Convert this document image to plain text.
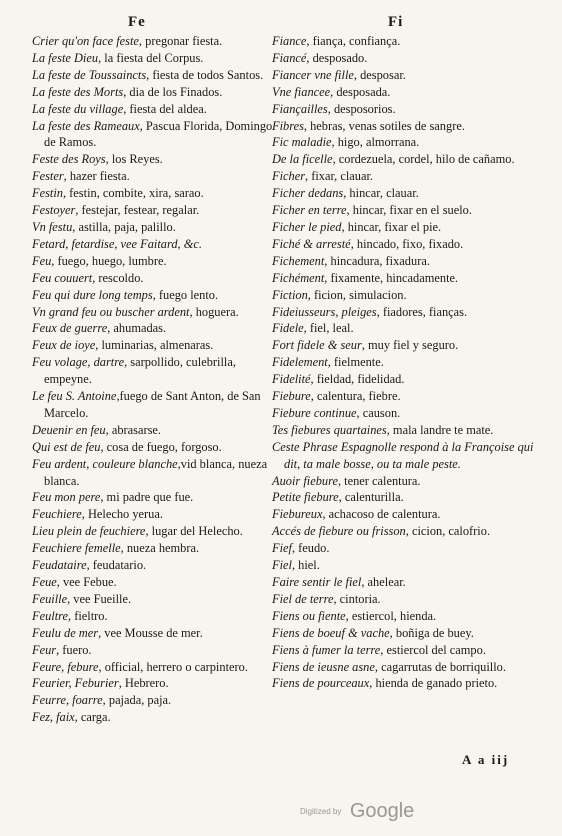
Fe	Fi

Crier qu'on face feste, pregonar fiesta.

La feste Dieu, la fiesta del Corpus.

La feste de Toussaincts, fiesta de todos Santos.

La feste des Morts, dia de los Finados.

La feste du village, fiesta del aldea.

La feste des Rameaux, Pascua Florida, Domingo de Ramos.

Feste des Roys, los Reyes.

Fester, hazer fiesta.

Festin, festin, combite, xira, sarao.

Festoyer, festejar, festear, regalar.

Vn festu, astilla, paja, palillo.

Fetard, fetardise, vee Faitard, &c.

Feu, fuego, huego, lumbre.

Feu couuert, rescoldo.

Feu qui dure long temps, fuego lento.

Vn grand feu ou buscher ardent, hoguera.

Feux de guerre, ahumadas.

Feux de ioye, luminarias, almenaras.

Feu volage, dartre, sarpollido, culebrilla, empeyne.

Le feu S. Antoine,fuego de Sant Anton, de San Marcelo.

Deuenir en feu, abrasarse.

Qui est de feu, cosa de fuego, forgoso.

Feu ardent, couleure blanche,vid blanca, nueza blanca.

Feu mon pere, mi padre que fue.

Feuchiere, Helecho yerua.

Lieu plein de feuchiere, lugar del Helecho.

Feuchiere femelle, nueza hembra.

Feudataire, feudatario.

Feue, vee Febue.

Feuille, vee Fueille.

Feultre, fieltro.

Feulu de mer, vee Mousse de mer.

Feur, fuero.

Feure, febure, official, herrero o carpintero.

Feurier, Feburier, Hebrero.

Feurre, foarre, pajada, paja.

Fez, faix, carga.

Fiance, fiança, confiança.

Fiancé, desposado.

Fiancer vne fille, desposar.

Vne fiancee, desposada.

Fiançailles, desposorios.

Fibres, hebras, venas sotiles de sangre.

Fic maladie, higo, almorrana.

De la ficelle, cordezuela, cordel, hilo de cañamo.

Ficher, fixar, clauar.

Ficher dedans, hincar, clauar.

Ficher en terre, hincar, fixar en el suelo.

Ficher le pied, hincar, fixar el pie.

Fiché & arresté, hincado, fixo, fixado.

Fichement, hincadura, fixadura.

Fichément, fixamente, hincadamente.

Fiction, ficion, simulacion.

Fideiusseurs, pleiges, fiadores, fianças.

Fidele, fiel, leal.

Fort fidele & seur, muy fiel y seguro.

Fidelement, fielmente.

Fidelité, fieldad, fidelidad.

Fiebure, calentura, fiebre.

Fiebure continue, causon.

Tes fiebures quartaines, mala landre te mate.

Ceste Phrase Espagnolle respond à la Françoise qui dit, ta male bosse, ou ta male peste.

Auoir fiebure, tener calentura.

Petite fiebure, calenturilla.

Fiebureux, achacoso de calentura.

Accés de fiebure ou frisson, cicion, calofrio.

Fief, feudo.

Fiel, hiel.

Faire sentir le fiel, ahelear.

Fiel de terre, cintoria.

Fiens ou fiente, estiercol, hienda.

Fiens de boeuf & vache, boñiga de buey.

Fiens à fumer la terre, estiercol del campo.

Fiens de ieusne asne, cagarrutas de borriquillo.

Fiens de pourceaux, hienda de ganado prieto.

A a iij
Digitized by Google
